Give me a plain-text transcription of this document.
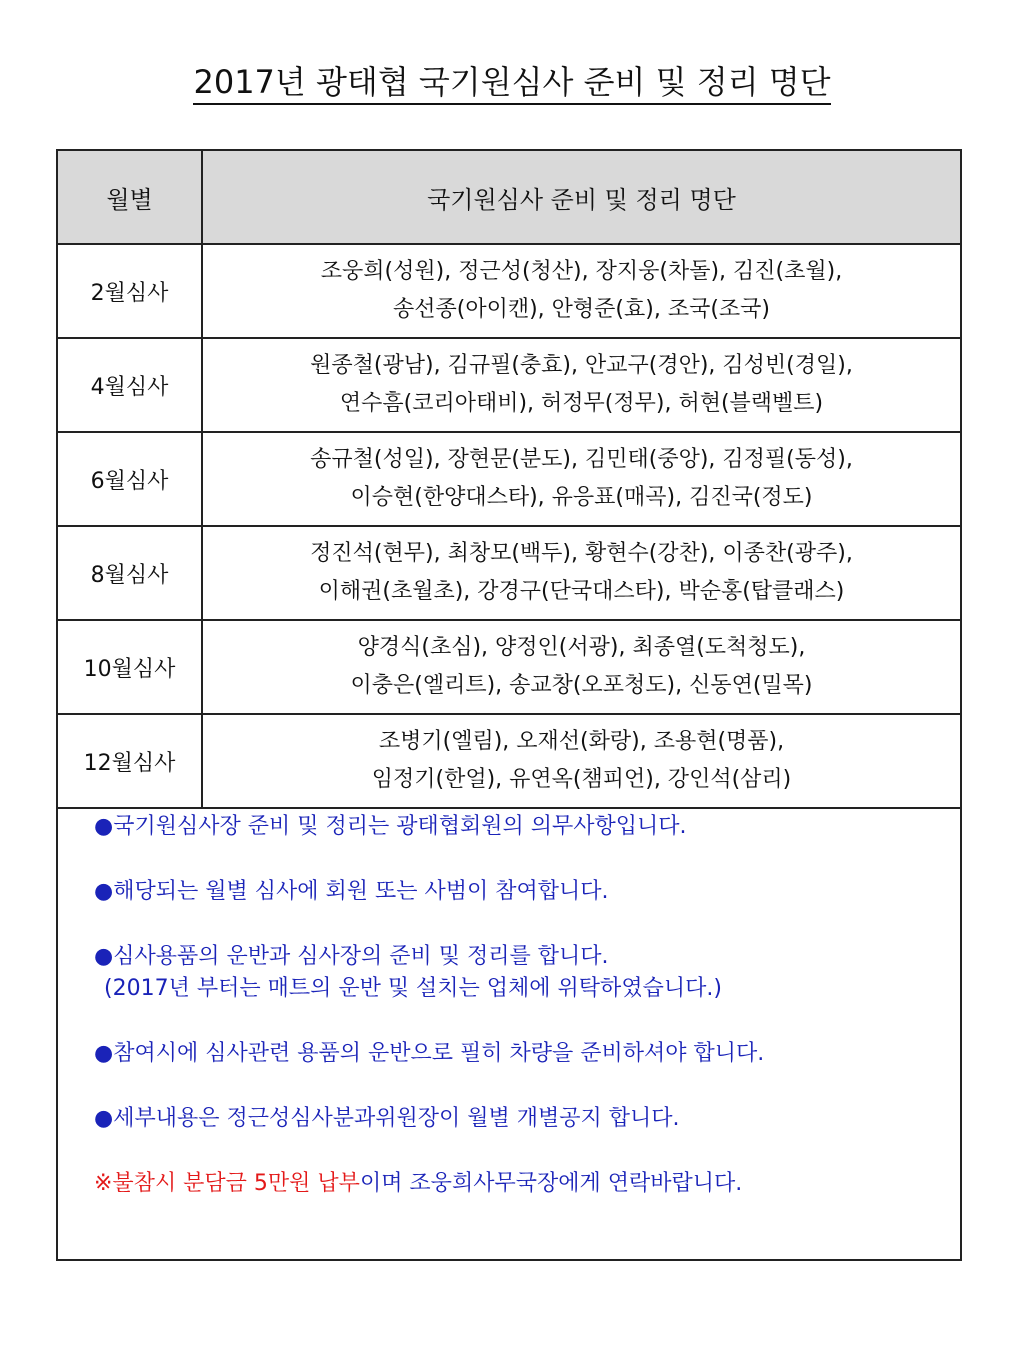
2017년 광태협 국기원심사 준비 및 정리 명단
월별	국기원심사 준비 및 정리 명단
2월심사	조웅희(성원), 정근성(청산), 장지웅(차돌), 김진(초월),
송선종(아이캔), 안형준(효), 조국(조국)

4월심사	원종철(광남), 김규필(충효), 안교구(경안), 김성빈(경일),
연수흠(코리아태비), 허정무(정무), 허현(블랙벨트)

6월심사	송규철(성일), 장현문(분도), 김민태(중앙), 김정필(동성),
이승현(한양대스타), 유응표(매곡), 김진국(정도)

8월심사	정진석(현무), 최창모(백두), 황현수(강찬), 이종찬(광주),
이해권(초월초), 강경구(단국대스타), 박순홍(탑클래스)

10월심사	양경식(초심), 양정인(서광), 최종열(도척청도),
이충은(엘리트), 송교창(오포청도), 신동연(밀목)

12월심사	조병기(엘림), 오재선(화랑), 조용현(명품),
임정기(한얼), 유연옥(챔피언), 강인석(삼리)
●국기원심사장 준비 및 정리는 광태협회원의 의무사항입니다.
●해당되는 월별 심사에 회원 또는 사범이 참여합니다.
●심사용품의 운반과 심사장의 준비 및 정리를 합니다.
(2017년 부터는 매트의 운반 및 설치는 업체에 위탁하였습니다.)
●참여시에 심사관련 용품의 운반으로 필히 차량을 준비하셔야 합니다.
●세부내용은 정근성심사분과위원장이 월별 개별공지 합니다.
※불참시 분담금 5만원 납부이며 조웅희사무국장에게 연락바랍니다.
